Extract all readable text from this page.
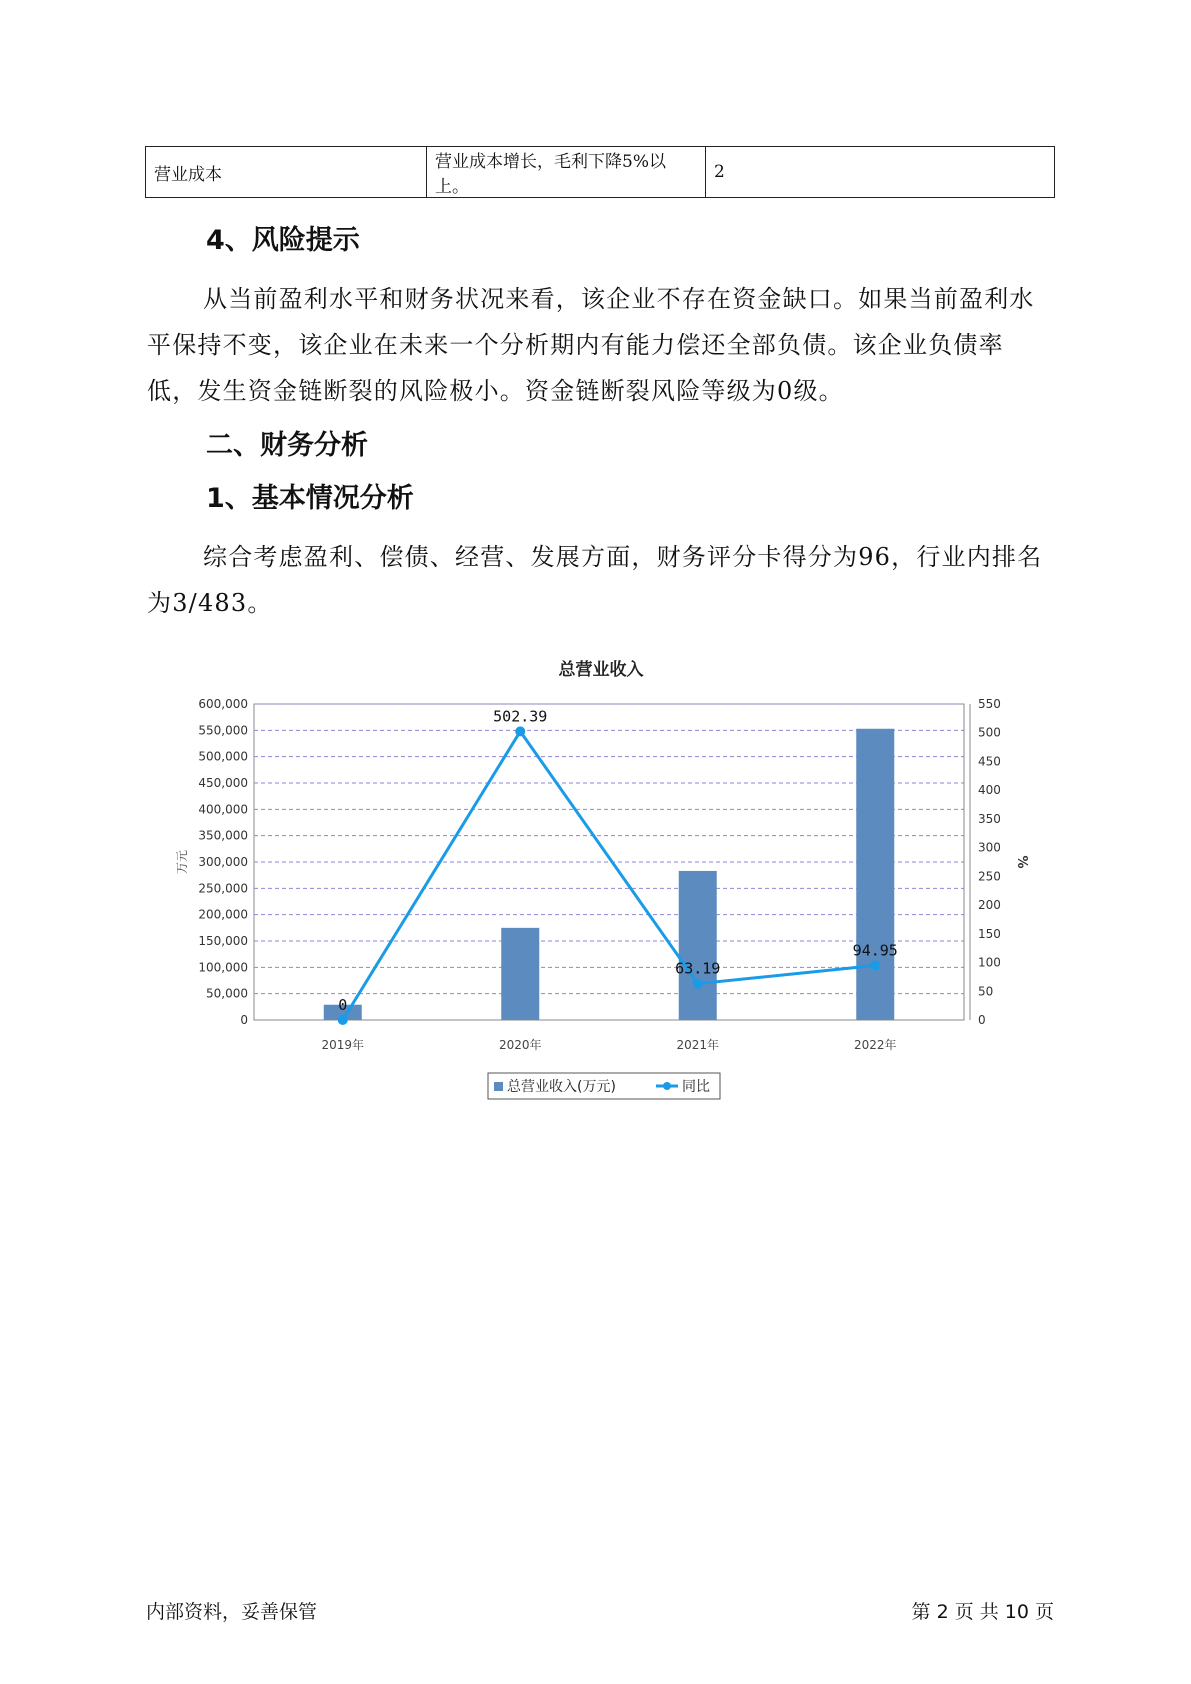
营业成本	营业成本增长，毛利下降5%以上。	2
4、风险提示

从当前盈利水平和财务状况来看，该企业不存在资金缺口。如果当前盈利水平保持不变，该企业在未来一个分析期内有能力偿还全部负债。该企业负债率低，发生资金链断裂的风险极小。资金链断裂风险等级为0级。

二、财务分析
1、基本情况分析

综合考虑盈利、偿债、经营、发展方面，财务评分卡得分为96，行业内排名为3/483。

总营业收入
0
50,000
100,000
150,000
200,000
250,000
300,000
350,000
400,000
450,000
500,000
550,000
600,000
0
50
100
150
200
250
300
350
400
450
500
550
2019年	2020年	2021年	2022年
0
502.39
63.19
94.95
万元	%
总营业收入(万元)	同比
内部资料，妥善保管	第 2 页 共 10 页
